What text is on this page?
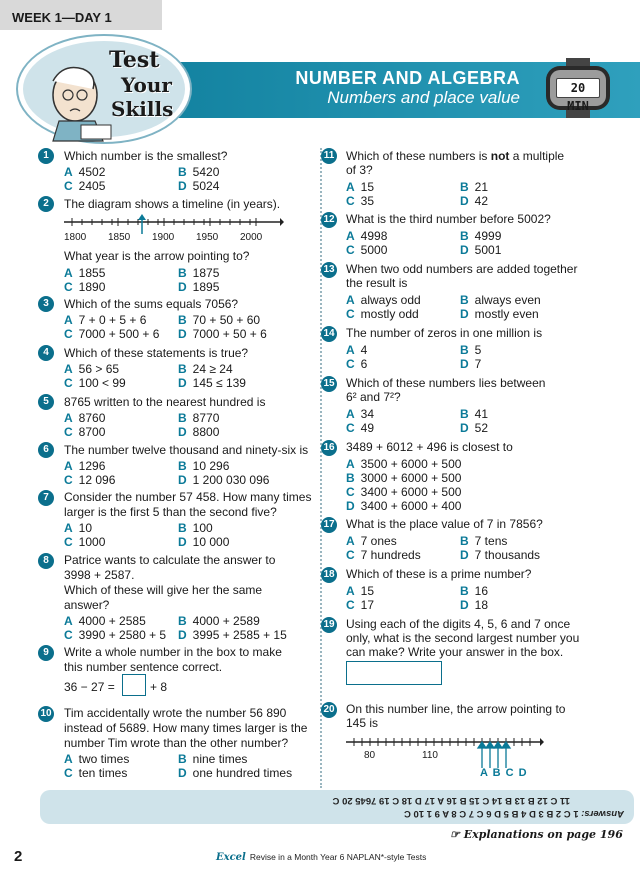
WEEK 1—DAY 1
NUMBER AND ALGEBRA
Numbers and place value
Test
Your
Skills
20 MIN
1	Which number is the smallest?
A 4502	B 5420
C 2405	D 5024
2	The diagram shows a timeline (in years).
1800 1850 1900 1950 2000
What year is the arrow pointing to?
A 1855	B 1875
C 1890	D 1895
3	Which of the sums equals 7056?
A 7 + 0 + 5 + 6	B 70 + 50 + 60
C 7000 + 500 + 6 D 7000 + 50 + 6
4	Which of these statements is true?
A 56 > 65	B 24 ≥ 24
C 100 < 99	D 145 ≤ 139
5	8765 written to the nearest hundred is
A 8760	B 8770
C 8700	D 8800
6	The number twelve thousand and ninety-six is
A 1296	B 10 296
C 12 096	D 1 200 030 096
7	Consider the number 57 458. How many times
larger is the first 5 than the second five?
A 10	B 100
C 1000	D 10 000
8	Patrice wants to calculate the answer to
3998 + 2587.
Which of these will give her the same
answer?
A 4000 + 2585	B 4000 + 2589
C 3990 + 2580 + 5 D 3995 + 2585 + 15
9	Write a whole number in the box to make
this number sentence correct.
36 − 27 =	+ 8
10 Tim accidentally wrote the number 56 890
instead of 5689. How many times larger is the
number Tim wrote than the other number?
A two times	B nine times
C ten times	D one hundred times
11 Which of these numbers is not a multiple
of 3?
A 15	B 21
C 35	D 42
12 What is the third number before 5002?
A 4998	B 4999
C 5000	D 5001
13 When two odd numbers are added together
the result is
A always odd	B always even
C mostly odd	D mostly even
14 The number of zeros in one million is
A 4	B 5
C 6	D 7
15 Which of these numbers lies between
6² and 7²?
A 34	B 41
C 49	D 52
16 3489 + 6012 + 496 is closest to
A 3500 + 6000 + 500
B 3000 + 6000 + 500
C 3400 + 6000 + 500
D 3400 + 6000 + 400
17 What is the place value of 7 in 7856?
A 7 ones	B 7 tens
C 7 hundreds	D 7 thousands
18 Which of these is a prime number?
A 15	B 16
C 17	D 18
19 Using each of the digits 4, 5, 6 and 7 once
only, what is the second largest number you
can make? Write your answer in the box.
20 On this number line, the arrow pointing to
145 is
80	110
A B C D
Answers: 1 C 2 B 3 D 4 B 5 D 6 C 7 C 8 A 9 1 10 C
11 C 12 B 13 B 14 C 15 B 16 A 17 D 18 C 19 7645 20 C
☞ Explanations on page 196
2	Excel Revise in a Month Year 6 NAPLAN*-style Tests
